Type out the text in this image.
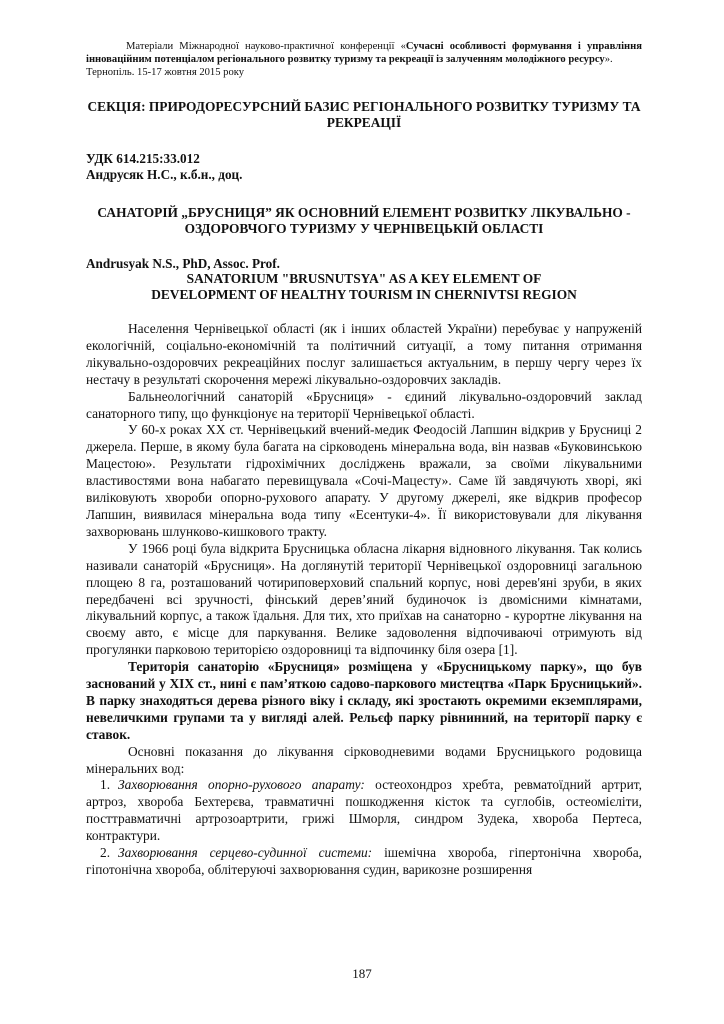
Матеріали Міжнародної науково-практичної конференції «Сучасні особливості формування і управління інноваційним потенціалом регіонального розвитку туризму та рекреації із залученням молодіжного ресурсу».
Тернопіль. 15-17 жовтня 2015 року
СЕКЦІЯ: ПРИРОДОРЕСУРСНИЙ БАЗИС РЕГІОНАЛЬНОГО РОЗВИТКУ ТУРИЗМУ ТА РЕКРЕАЦІЇ
УДК 614.215:33.012
Андрусяк Н.С., к.б.н., доц.
САНАТОРІЙ „БРУСНИЦЯ” ЯК ОСНОВНИЙ ЕЛЕМЕНТ РОЗВИТКУ ЛІКУВАЛЬНО - ОЗДОРОВЧОГО ТУРИЗМУ У ЧЕРНІВЕЦЬКІЙ ОБЛАСТІ
Andrusyak N.S., PhD, Assoc. Prof.
SANATORIUM "BRUSNUTSYA" AS A KEY ELEMENT OF
DEVELOPMENT OF HEALTHY TOURISM IN CHERNIVTSI REGION

Населення Чернівецької області (як і інших областей України) перебуває у напруженій екологічній, соціально-економічній та політичний ситуації, а тому питання отримання лікувально-оздоровчих рекреаційних послуг залишається актуальним, в першу чергу через їх нестачу в результаті скорочення мережі лікувально-оздоровчих закладів.

Бальнеологічний санаторій «Брусниця» - єдиний лікувально-оздоровчий заклад санаторного типу, що функціонує на території Чернівецької області.

У 60-х роках XX ст. Чернівецький вчений-медик Феодосій Лапшин відкрив у Брусниці 2 джерела. Перше, в якому була багата на сірководень мінеральна вода, він назвав «Буковинською Мацестою». Результати гідрохімічних досліджень вражали, за своїми лікувальними властивостями вона набагато перевищувала «Сочі-Мацесту». Саме їй завдячують хворі, які виліковують хвороби опорно-рухового апарату. У другому джерелі, яке відкрив професор Лапшин, виявилася мінеральна вода типу «Есентуки-4». Її використовували для лікування захворювань шлунково-кишкового тракту.

У 1966 році була відкрита Брусницька обласна лікарня відновного лікування. Так колись називали санаторій «Брусниця». На доглянутій території Чернівецької оздоровниці загальною площею 8 га, розташований чотириповерховий спальний корпус, нові дерев'яні зруби, в яких передбачені всі зручності, фінський дерев’яний будиночок із двомісними кімнатами, лікувальний корпус, а також їдальня. Для тих, хто приїхав на санаторно - курортне лікування на своєму авто, є місце для паркування. Велике задоволення відпочиваючі отримують від прогулянки парковою територією оздоровниці та відпочинку біля озера [1].

Територія санаторію «Брусниця» розміщена у «Брусницькому парку», що був заснований у XIX ст., нині є пам’яткою садово-паркового мистецтва «Парк Брусницький». В парку знаходяться дерева різного віку і складу, які зростають окремими екземплярами, невеличкими групами та у вигляді алей. Рельєф парку рівнинний, на території парку є ставок.

Основні показання до лікування сірководневими водами Брусницького родовища мінеральних вод:

1. Захворювання опорно-рухового апарату: остеохондроз хребта, ревматоїдний артрит, артроз, хвороба Бехтерєва, травматичні пошкодження кісток та суглобів, остеомієліти, посттравматичні артрозоартрити, грижі Шморля, синдром Зудека, хвороба Пертеса, контрактури.

2. Захворювання серцево-судинної системи: ішемічна хвороба, гіпертонічна хвороба, гіпотонічна хвороба, облітеруючі захворювання судин, варикозне розширення

187
